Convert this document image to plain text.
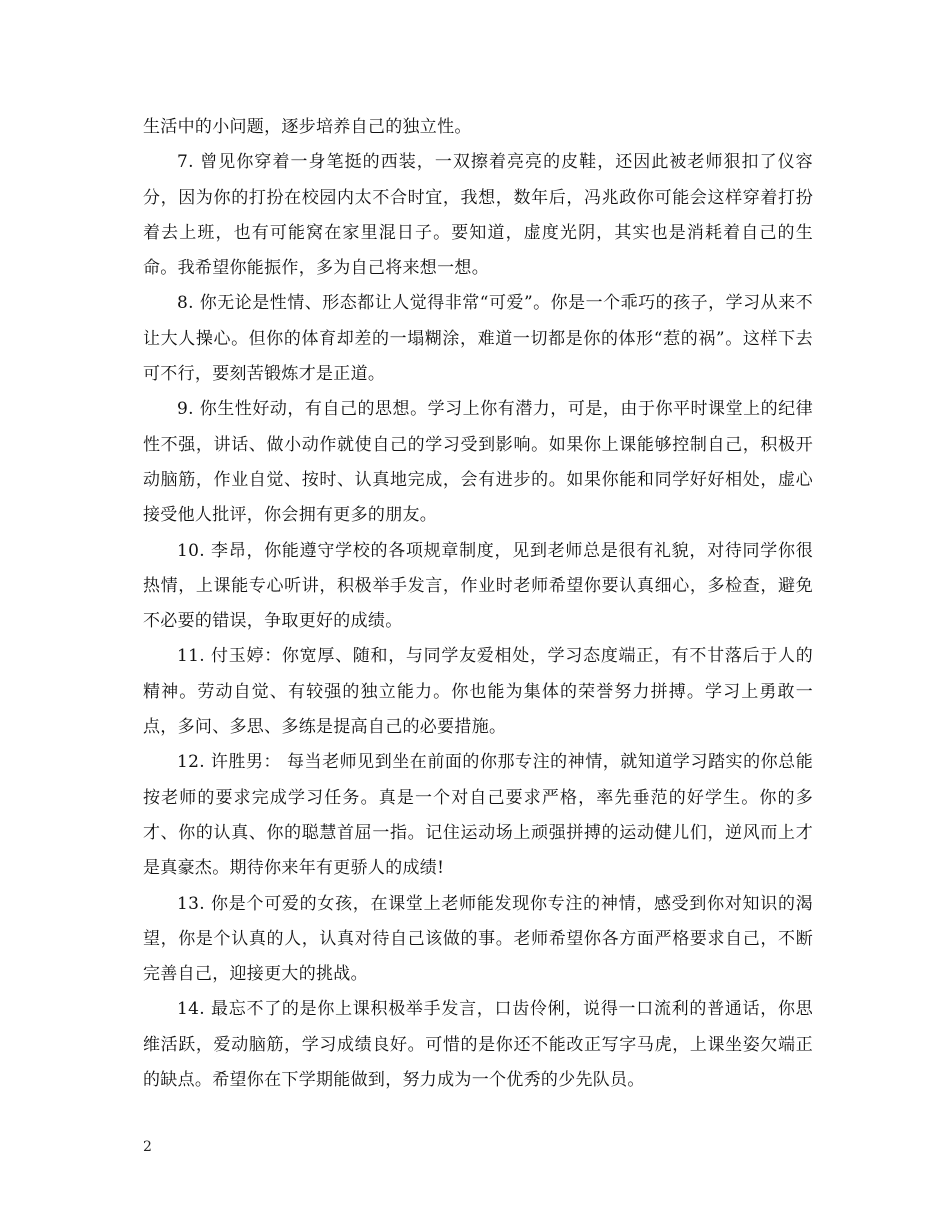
生活中的小问题，逐步培养自己的独立性。

7. 曾见你穿着一身笔挺的西装，一双擦着亮亮的皮鞋，还因此被老师狠扣了仪容分，因为你的打扮在校园内太不合时宜，我想，数年后，冯兆政你可能会这样穿着打扮着去上班，也有可能窝在家里混日子。要知道，虚度光阴，其实也是消耗着自己的生命。我希望你能振作，多为自己将来想一想。

8. 你无论是性情、形态都让人觉得非常“可爱”。你是一个乖巧的孩子，学习从来不让大人操心。但你的体育却差的一塌糊涂，难道一切都是你的体形“惹的祸”。这样下去可不行，要刻苦锻炼才是正道。

9. 你生性好动，有自己的思想。学习上你有潜力，可是，由于你平时课堂上的纪律性不强，讲话、做小动作就使自己的学习受到影响。如果你上课能够控制自己，积极开动脑筋，作业自觉、按时、认真地完成，会有进步的。如果你能和同学好好相处，虚心接受他人批评，你会拥有更多的朋友。

10. 李昂，你能遵守学校的各项规章制度，见到老师总是很有礼貌，对待同学你很热情，上课能专心听讲，积极举手发言，作业时老师希望你要认真细心，多检查，避免不必要的错误，争取更好的成绩。

11. 付玉婷：你宽厚、随和，与同学友爱相处，学习态度端正，有不甘落后于人的精神。劳动自觉、有较强的独立能力。你也能为集体的荣誉努力拼搏。学习上勇敢一点，多问、多思、多练是提高自己的必要措施。

12. 许胜男： 每当老师见到坐在前面的你那专注的神情，就知道学习踏实的你总能按老师的要求完成学习任务。真是一个对自己要求严格，率先垂范的好学生。你的多才、你的认真、你的聪慧首屈一指。记住运动场上顽强拼搏的运动健儿们，逆风而上才是真豪杰。期待你来年有更骄人的成绩!

13. 你是个可爱的女孩，在课堂上老师能发现你专注的神情，感受到你对知识的渴望，你是个认真的人，认真对待自己该做的事。老师希望你各方面严格要求自己，不断完善自己，迎接更大的挑战。

14. 最忘不了的是你上课积极举手发言，口齿伶俐，说得一口流利的普通话，你思维活跃，爱动脑筋，学习成绩良好。可惜的是你还不能改正写字马虎，上课坐姿欠端正的缺点。希望你在下学期能做到，努力成为一个优秀的少先队员。

2
